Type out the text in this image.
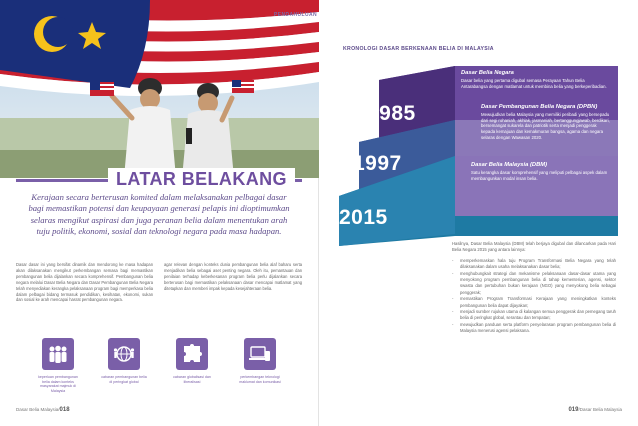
PENDAHULUAN
LATAR BELAKANG
Kerajaan secara berterusan komited dalam melaksanakan pelbagai dasar bagi memastikan potensi dan keupayaan generasi pelapis ini dioptimumkan selaras mengikut aspirasi dan juga peranan belia dalam menentukan arah tuju politik, ekonomi, sosial dan teknologi negara pada masa hadapan.
Dasar dasar ini yang bersifat dinamik dan mendorong ke masa hadapan akan dilaksanakan mengikut perkembangan semasa bagi memastikan pembangunan belia dijalankan secara komprehensif. Pembangunan belia negara melalui Dasar Belia Negara dan Dasar Pembangunan Belia Negara telah menyediakan kerangka pelaksanaan program bagi memperkasa belia dalam pelbagai bidang termasuk pendidikan, kesihatan, ekonomi, sukan dan sosial ke arah mencapai hasrat pembangunan negara.
agar relevan dengan konteks dunia pembangunan belia alaf baharu serta menjadikan belia sebagai aset penting negara. Oleh itu, pemantauan dan penilaian terhadap keberkesanan program belia perlu dijalankan secara berterusan bagi memastikan pelaksanaan dasar mencapai matlamat yang ditetapkan dan memberi impak kepada kesejahteraan belia.
keperluan pembangunan belia dalam konteks masyarakat majmuk di Malaysia
cabaran pembangunan belia di peringkat global
cabaran globalisasi dan liberalisasi
perkembangan teknologi maklumat dan komunikasi
Dasar Belia Malaysia/018
KRONOLOGI DASAR BERKENAAN BELIA DI MALAYSIA
1985
1997
2015
Dasar Belia Negara
Dasar belia yang pertama digubal semasa Perayaan Tahun Belia Antarabangsa dengan matlamat untuk membina belia yang berkeperibadian.
Dasar Pembangunan Belia Negara (DPBN)
Mewujudkan belia Malaysia yang memiliki peribadi yang bersepadu dari segi rohaniah, akhlak, jasmaniah, bertanggungjawab, berdikari, bersemangat sukarela dan patriotik serta menjadi penggerak kepada kemajuan dan kemakmuran bangsa, agama dan negara selaras dengan Wawasan 2020.
Dasar Belia Malaysia (DBM)
Satu kerangka dasar komprehensif yang meliputi pelbagai aspek dalam membangunkan modal insan belia.

Hasilnya, Dasar Belia Malaysia (DBM) telah berjaya digubal dan dilancarkan pada Hari Belia Negara 2015 yang antara lainnya:

- memperkemaskan hala tuju Program Transformasi Belia Negara yang telah dilaksanakan dalam usaha melaksanakan dasar belia;
- menghubungkait strategi dan mekanisme pelaksanaan dasar-dasar utama yang menyokong program pembangunan belia di tahap kementerian, agensi, sektor swasta dan pertubuhan bukan kerajaan (NGO) yang menyokong belia sebagai penggerak;
- memastikan Program Transformasi Kerajaan yang meningkatkan konteks pembangunan belia dapat dijayakan;
- menjadi sumber rujukan utama di kalangan semua penggerak dan pemegang taruh belia di peringkat global, serantau dan tempatan;
- mewujudkan panduan serta platform penyelarasan program pembangunan belia di Malaysia menerusi agensi pelaksana.
019/Dasar Belia Malaysia
